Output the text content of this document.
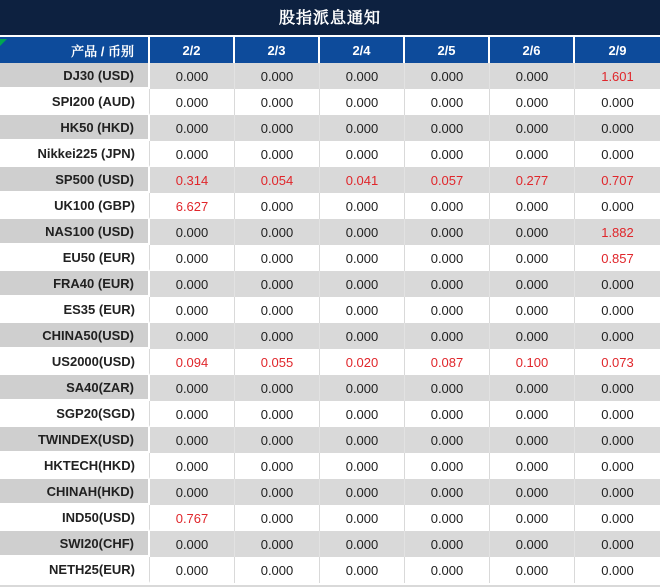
股指派息通知
产品 / 币别	2/2	2/3	2/4	2/5	2/6	2/9
DJ30 (USD)	0.000	0.000	0.000	0.000	0.000	1.601
SPI200 (AUD)	0.000	0.000	0.000	0.000	0.000	0.000
HK50 (HKD)	0.000	0.000	0.000	0.000	0.000	0.000
Nikkei225 (JPN)	0.000	0.000	0.000	0.000	0.000	0.000
SP500 (USD)	0.314	0.054	0.041	0.057	0.277	0.707
UK100 (GBP)	6.627	0.000	0.000	0.000	0.000	0.000
NAS100 (USD)	0.000	0.000	0.000	0.000	0.000	1.882
EU50 (EUR)	0.000	0.000	0.000	0.000	0.000	0.857
FRA40 (EUR)	0.000	0.000	0.000	0.000	0.000	0.000
ES35 (EUR)	0.000	0.000	0.000	0.000	0.000	0.000
CHINA50(USD)	0.000	0.000	0.000	0.000	0.000	0.000
US2000(USD)	0.094	0.055	0.020	0.087	0.100	0.073
SA40(ZAR)	0.000	0.000	0.000	0.000	0.000	0.000
SGP20(SGD)	0.000	0.000	0.000	0.000	0.000	0.000
TWINDEX(USD)	0.000	0.000	0.000	0.000	0.000	0.000
HKTECH(HKD)	0.000	0.000	0.000	0.000	0.000	0.000
CHINAH(HKD)	0.000	0.000	0.000	0.000	0.000	0.000
IND50(USD)	0.767	0.000	0.000	0.000	0.000	0.000
SWI20(CHF)	0.000	0.000	0.000	0.000	0.000	0.000
NETH25(EUR)	0.000	0.000	0.000	0.000	0.000	0.000
